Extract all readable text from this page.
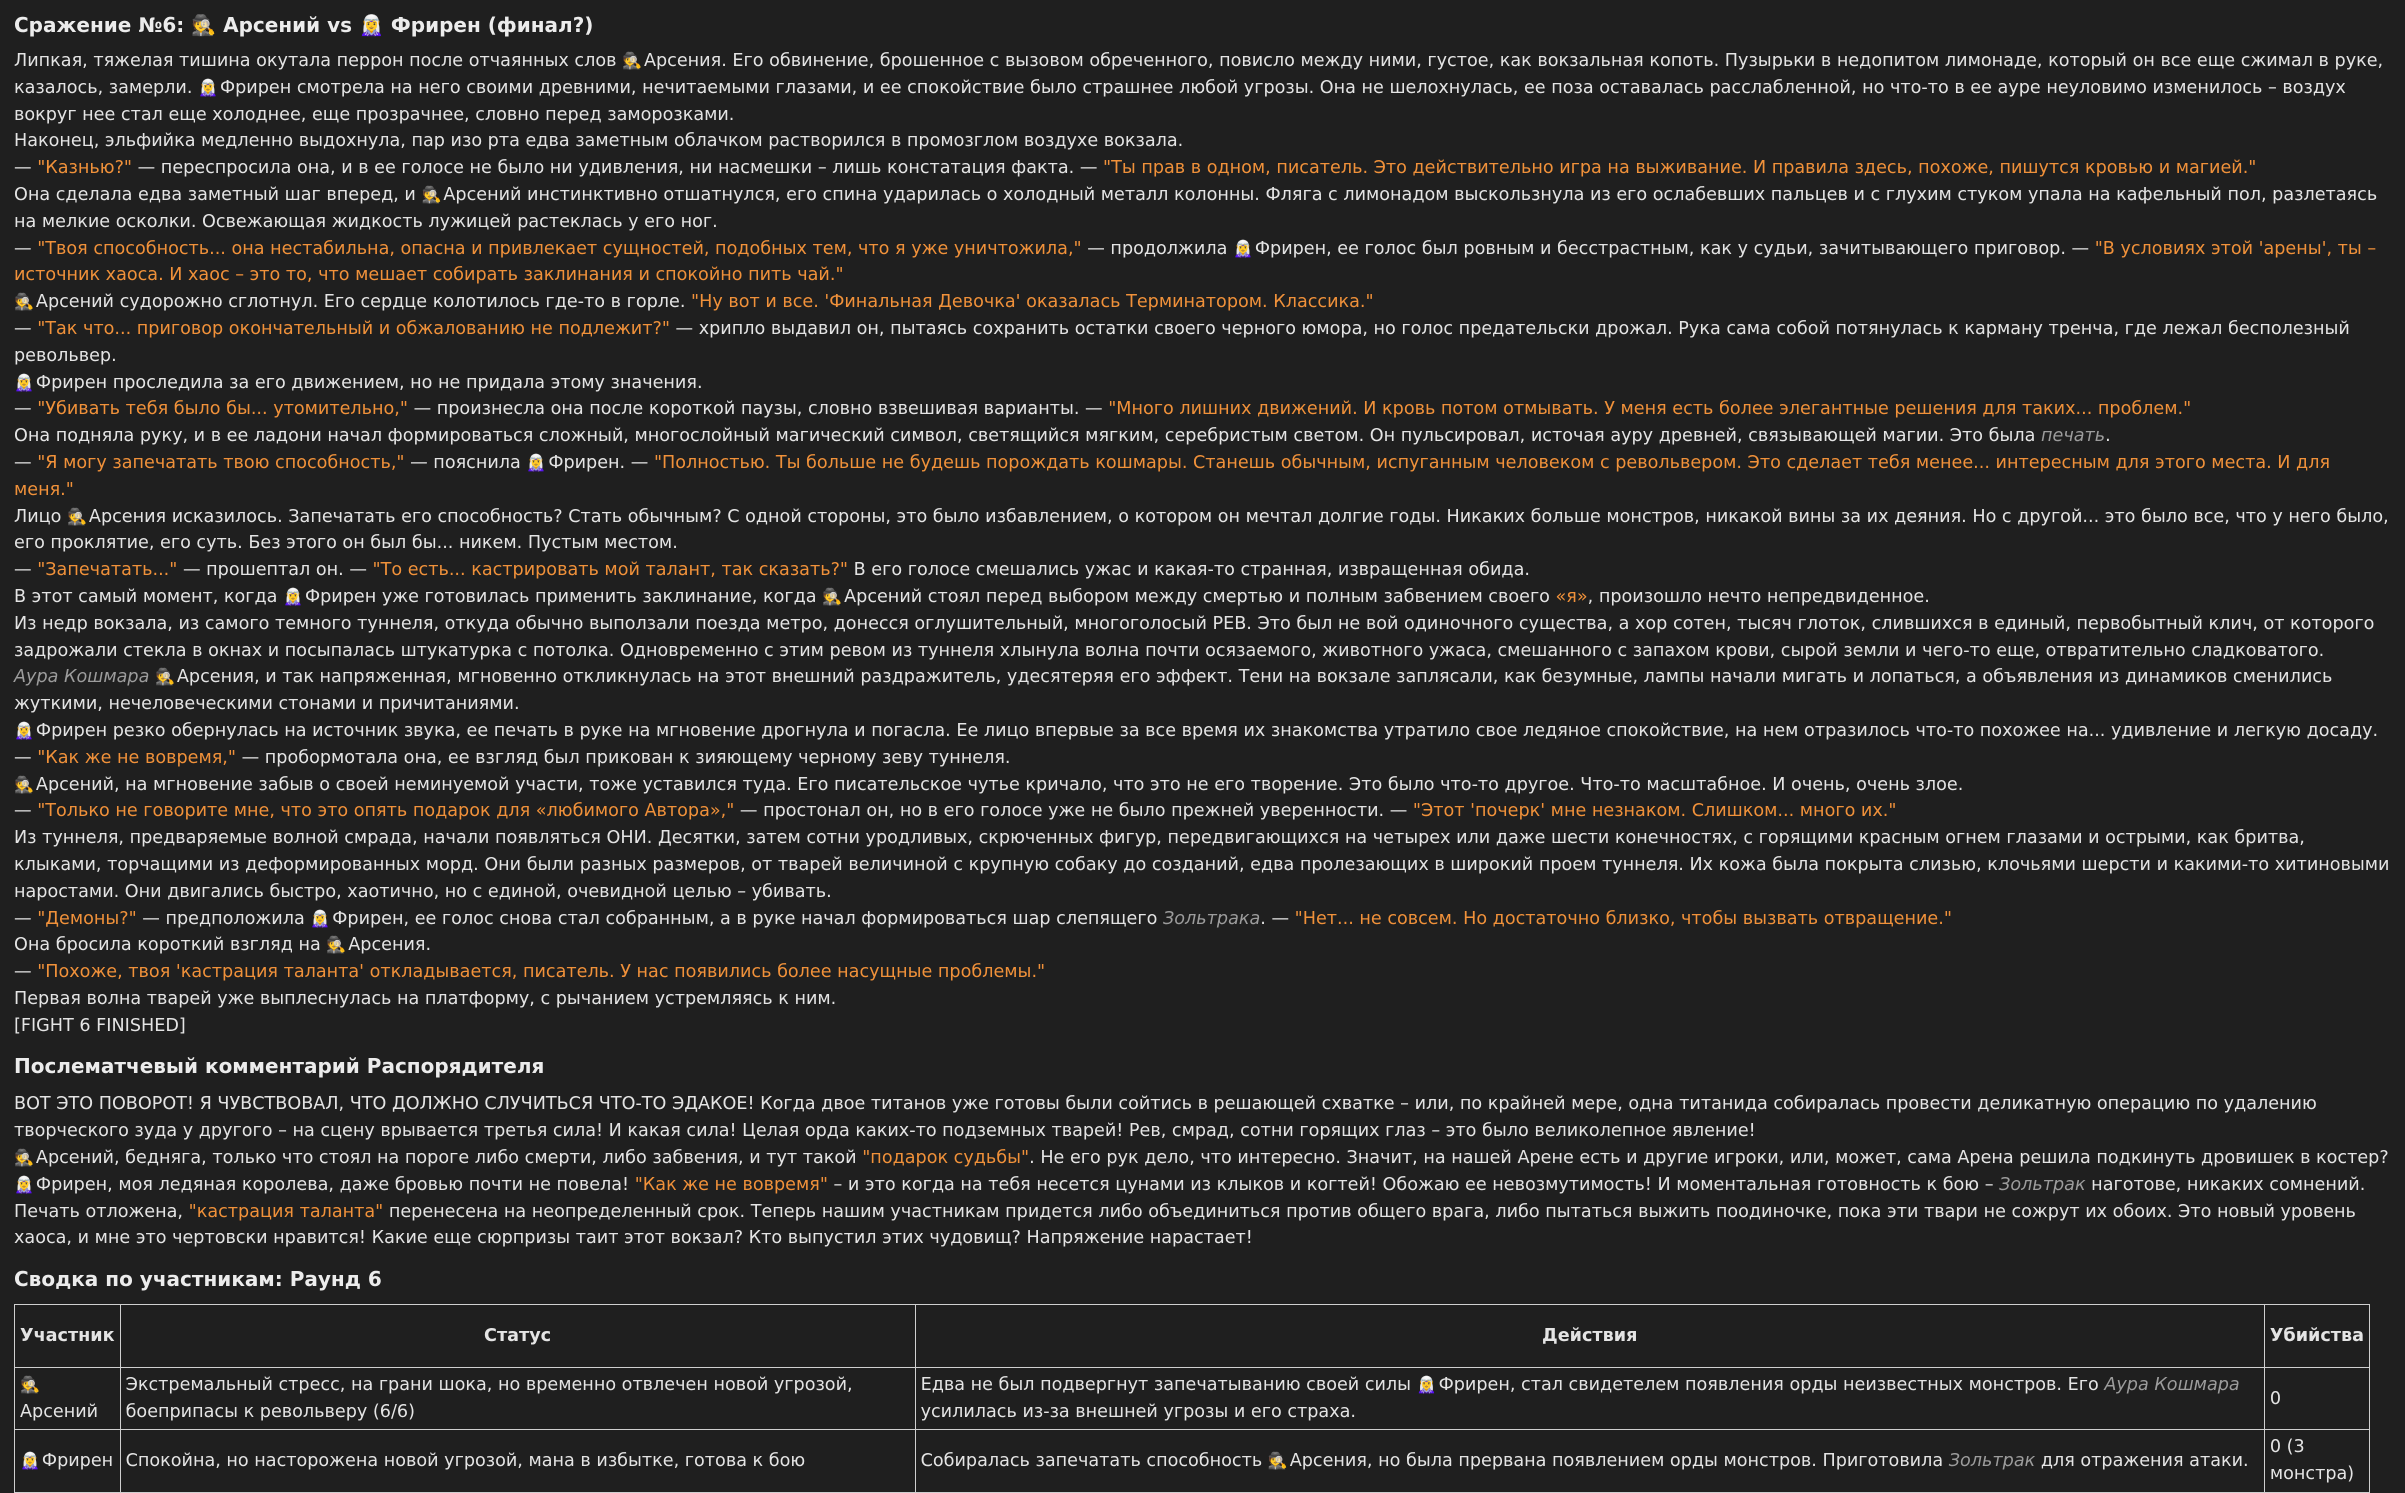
Сражение №6: 🕵️ Арсений vs 🧝‍♀️ Фрирен (финал?)
Липкая, тяжелая тишина окутала перрон после отчаянных слов 🕵️ Арсения. Его обвинение, брошенное с вызовом обреченного, повисло между ними, густое, как вокзальная копоть. Пузырьки в недопитом лимонаде, который он все еще сжимал в руке, казалось, замерли. 🧝‍♀️ Фрирен смотрела на него своими древними, нечитаемыми глазами, и ее спокойствие было страшнее любой угрозы. Она не шелохнулась, ее поза оставалась расслабленной, но что-то в ее ауре неуловимо изменилось – воздух вокруг нее стал еще холоднее, еще прозрачнее, словно перед заморозками.
Наконец, эльфийка медленно выдохнула, пар изо рта едва заметным облачком растворился в промозглом воздухе вокзала.
— "Казнью?" — переспросила она, и в ее голосе не было ни удивления, ни насмешки – лишь констатация факта. — "Ты прав в одном, писатель. Это действительно игра на выживание. И правила здесь, похоже, пишутся кровью и магией."
Она сделала едва заметный шаг вперед, и 🕵️ Арсений инстинктивно отшатнулся, его спина ударилась о холодный металл колонны. Фляга с лимонадом выскользнула из его ослабевших пальцев и с глухим стуком упала на кафельный пол, разлетаясь на мелкие осколки. Освежающая жидкость лужицей растеклась у его ног.
— "Твоя способность... она нестабильна, опасна и привлекает сущностей, подобных тем, что я уже уничтожила," — продолжила 🧝‍♀️ Фрирен, ее голос был ровным и бесстрастным, как у судьи, зачитывающего приговор. — "В условиях этой 'арены', ты – источник хаоса. И хаос – это то, что мешает собирать заклинания и спокойно пить чай."
🕵️ Арсений судорожно сглотнул. Его сердце колотилось где-то в горле. "Ну вот и все. 'Финальная Девочка' оказалась Терминатором. Классика."
— "Так что... приговор окончательный и обжалованию не подлежит?" — хрипло выдавил он, пытаясь сохранить остатки своего черного юмора, но голос предательски дрожал. Рука сама собой потянулась к карману тренча, где лежал бесполезный револьвер.
🧝‍♀️ Фрирен проследила за его движением, но не придала этому значения.
— "Убивать тебя было бы... утомительно," — произнесла она после короткой паузы, словно взвешивая варианты. — "Много лишних движений. И кровь потом отмывать. У меня есть более элегантные решения для таких... проблем."
Она подняла руку, и в ее ладони начал формироваться сложный, многослойный магический символ, светящийся мягким, серебристым светом. Он пульсировал, источая ауру древней, связывающей магии. Это была печать.
— "Я могу запечатать твою способность," — пояснила 🧝‍♀️ Фрирен. — "Полностью. Ты больше не будешь порождать кошмары. Станешь обычным, испуганным человеком с револьвером. Это сделает тебя менее... интересным для этого места. И для меня."
Лицо 🕵️ Арсения исказилось. Запечатать его способность? Стать обычным? С одной стороны, это было избавлением, о котором он мечтал долгие годы. Никаких больше монстров, никакой вины за их деяния. Но с другой... это было все, что у него было, его проклятие, его суть. Без этого он был бы... никем. Пустым местом.
— "Запечатать..." — прошептал он. — "То есть... кастрировать мой талант, так сказать?" В его голосе смешались ужас и какая-то странная, извращенная обида.
В этот самый момент, когда 🧝‍♀️ Фрирен уже готовилась применить заклинание, когда 🕵️ Арсений стоял перед выбором между смертью и полным забвением своего «я», произошло нечто непредвиденное.
Из недр вокзала, из самого темного туннеля, откуда обычно выползали поезда метро, донесся оглушительный, многоголосый РЕВ. Это был не вой одиночного существа, а хор сотен, тысяч глоток, слившихся в единый, первобытный клич, от которого задрожали стекла в окнах и посыпалась штукатурка с потолка. Одновременно с этим ревом из туннеля хлынула волна почти осязаемого, животного ужаса, смешанного с запахом крови, сырой земли и чего-то еще, отвратительно сладковатого.
Аура Кошмара 🕵️ Арсения, и так напряженная, мгновенно откликнулась на этот внешний раздражитель, удесятеряя его эффект. Тени на вокзале заплясали, как безумные, лампы начали мигать и лопаться, а объявления из динамиков сменились жуткими, нечеловеческими стонами и причитаниями.
🧝‍♀️ Фрирен резко обернулась на источник звука, ее печать в руке на мгновение дрогнула и погасла. Ее лицо впервые за все время их знакомства утратило свое ледяное спокойствие, на нем отразилось что-то похожее на... удивление и легкую досаду.
— "Как же не вовремя," — пробормотала она, ее взгляд был прикован к зияющему черному зеву туннеля.
🕵️ Арсений, на мгновение забыв о своей неминуемой участи, тоже уставился туда. Его писательское чутье кричало, что это не его творение. Это было что-то другое. Что-то масштабное. И очень, очень злое.
— "Только не говорите мне, что это опять подарок для «любимого Автора»," — простонал он, но в его голосе уже не было прежней уверенности. — "Этот 'почерк' мне незнаком. Слишком... много их."
Из туннеля, предваряемые волной смрада, начали появляться ОНИ. Десятки, затем сотни уродливых, скрюченных фигур, передвигающихся на четырех или даже шести конечностях, с горящими красным огнем глазами и острыми, как бритва, клыками, торчащими из деформированных морд. Они были разных размеров, от тварей величиной с крупную собаку до созданий, едва пролезающих в широкий проем туннеля. Их кожа была покрыта слизью, клочьями шерсти и какими-то хитиновыми наростами. Они двигались быстро, хаотично, но с единой, очевидной целью – убивать.
— "Демоны?" — предположила 🧝‍♀️ Фрирен, ее голос снова стал собранным, а в руке начал формироваться шар слепящего Зольтрака. — "Нет... не совсем. Но достаточно близко, чтобы вызвать отвращение."
Она бросила короткий взгляд на 🕵️ Арсения.
— "Похоже, твоя 'кастрация таланта' откладывается, писатель. У нас появились более насущные проблемы."
Первая волна тварей уже выплеснулась на платформу, с рычанием устремляясь к ним.
[FIGHT 6 FINISHED]
Послематчевый комментарий Распорядителя
ВОТ ЭТО ПОВОРОТ! Я ЧУВСТВОВАЛ, ЧТО ДОЛЖНО СЛУЧИТЬСЯ ЧТО-ТО ЭДАКОЕ! Когда двое титанов уже готовы были сойтись в решающей схватке – или, по крайней мере, одна титанида собиралась провести деликатную операцию по удалению творческого зуда у другого – на сцену врывается третья сила! И какая сила! Целая орда каких-то подземных тварей! Рев, смрад, сотни горящих глаз – это было великолепное явление!
🕵️ Арсений, бедняга, только что стоял на пороге либо смерти, либо забвения, и тут такой "подарок судьбы". Не его рук дело, что интересно. Значит, на нашей Арене есть и другие игроки, или, может, сама Арена решила подкинуть дровишек в костер?
🧝‍♀️ Фрирен, моя ледяная королева, даже бровью почти не повела! "Как же не вовремя" – и это когда на тебя несется цунами из клыков и когтей! Обожаю ее невозмутимость! И моментальная готовность к бою – Зольтрак наготове, никаких сомнений.
Печать отложена, "кастрация таланта" перенесена на неопределенный срок. Теперь нашим участникам придется либо объединиться против общего врага, либо пытаться выжить поодиночке, пока эти твари не сожрут их обоих. Это новый уровень хаоса, и мне это чертовски нравится! Какие еще сюрпризы таит этот вокзал? Кто выпустил этих чудовищ? Напряжение нарастает!
Сводка по участникам: Раунд 6
Участник	Статус	Действия	Убийства
🕵️Арсений	Экстремальный стресс, на грани шока, но временно отвлечен новой угрозой, боеприпасы к револьверу (6/6)	Едва не был подвергнут запечатыванию своей силы 🧝‍♀️ Фрирен, стал свидетелем появления орды неизвестных монстров. Его Аура Кошмара усилилась из-за внешней угрозы и его страха.	0
🧝‍♀️ Фрирен	Спокойна, но насторожена новой угрозой, мана в избытке, готова к бою	Собиралась запечатать способность 🕵️ Арсения, но была прервана появлением орды монстров. Приготовила Зольтрак для отражения атаки.	0 (3 монстра)
